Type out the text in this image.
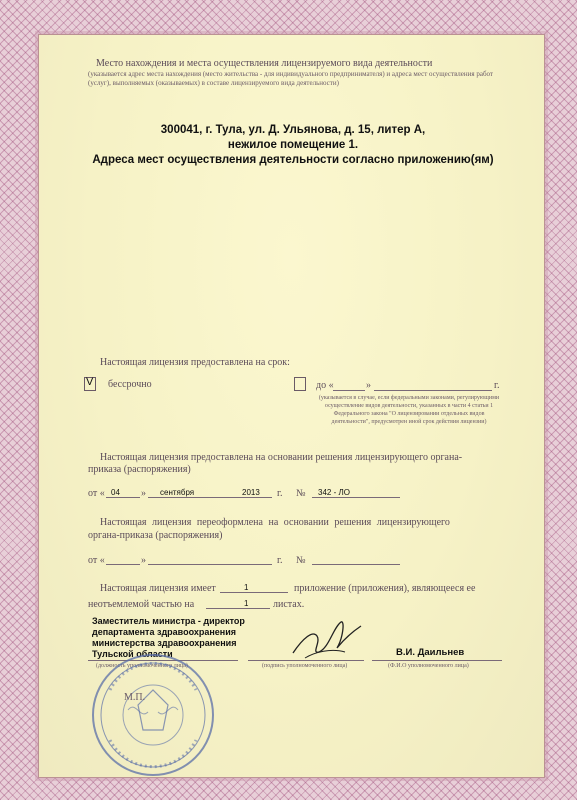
Место нахождения и места осуществления лицензируемого вида деятельности
(указывается адрес места нахождения (место жительства - для индивидуального предпринимателя) и адреса мест осуществления работ (услуг), выполняемых (оказываемых) в составе лицензируемого вида деятельности)
300041, г. Тула, ул. Д. Ульянова, д. 15, литер А,
нежилое помещение 1.
Адреса мест осуществления деятельности согласно приложению(ям)
Настоящая лицензия предоставлена на срок:
V бессрочно	до «	»	г.
(указывается в случае, если федеральными законами, регулирующими осуществление видов деятельности, указанных в части 4 статьи 1 Федерального закона "О лицензировании отдельных видов деятельности", предусмотрен иной срок действия лицензии)
Настоящая лицензия предоставлена на основании решения лицензирующего органа-
приказа (распоряжения)
от « 04 » сентября	2013 г. № 342 - ЛО
Настоящая лицензия переоформлена на основании решения лицензирующего
органа-приказа (распоряжения)
от «	»	г. №
Настоящая лицензия имеет	1	приложение (приложения), являющееся ее
неотъемлемой частью на	1 листах.
Заместитель министра - директор
департамента здравоохранения
министерства здравоохранения
Тульской области	В.И. Даильнев
(должность уполномоченного лица)	(подпись уполномоченного лица)	(Ф.И.О уполномоченного лица)
М.П.
